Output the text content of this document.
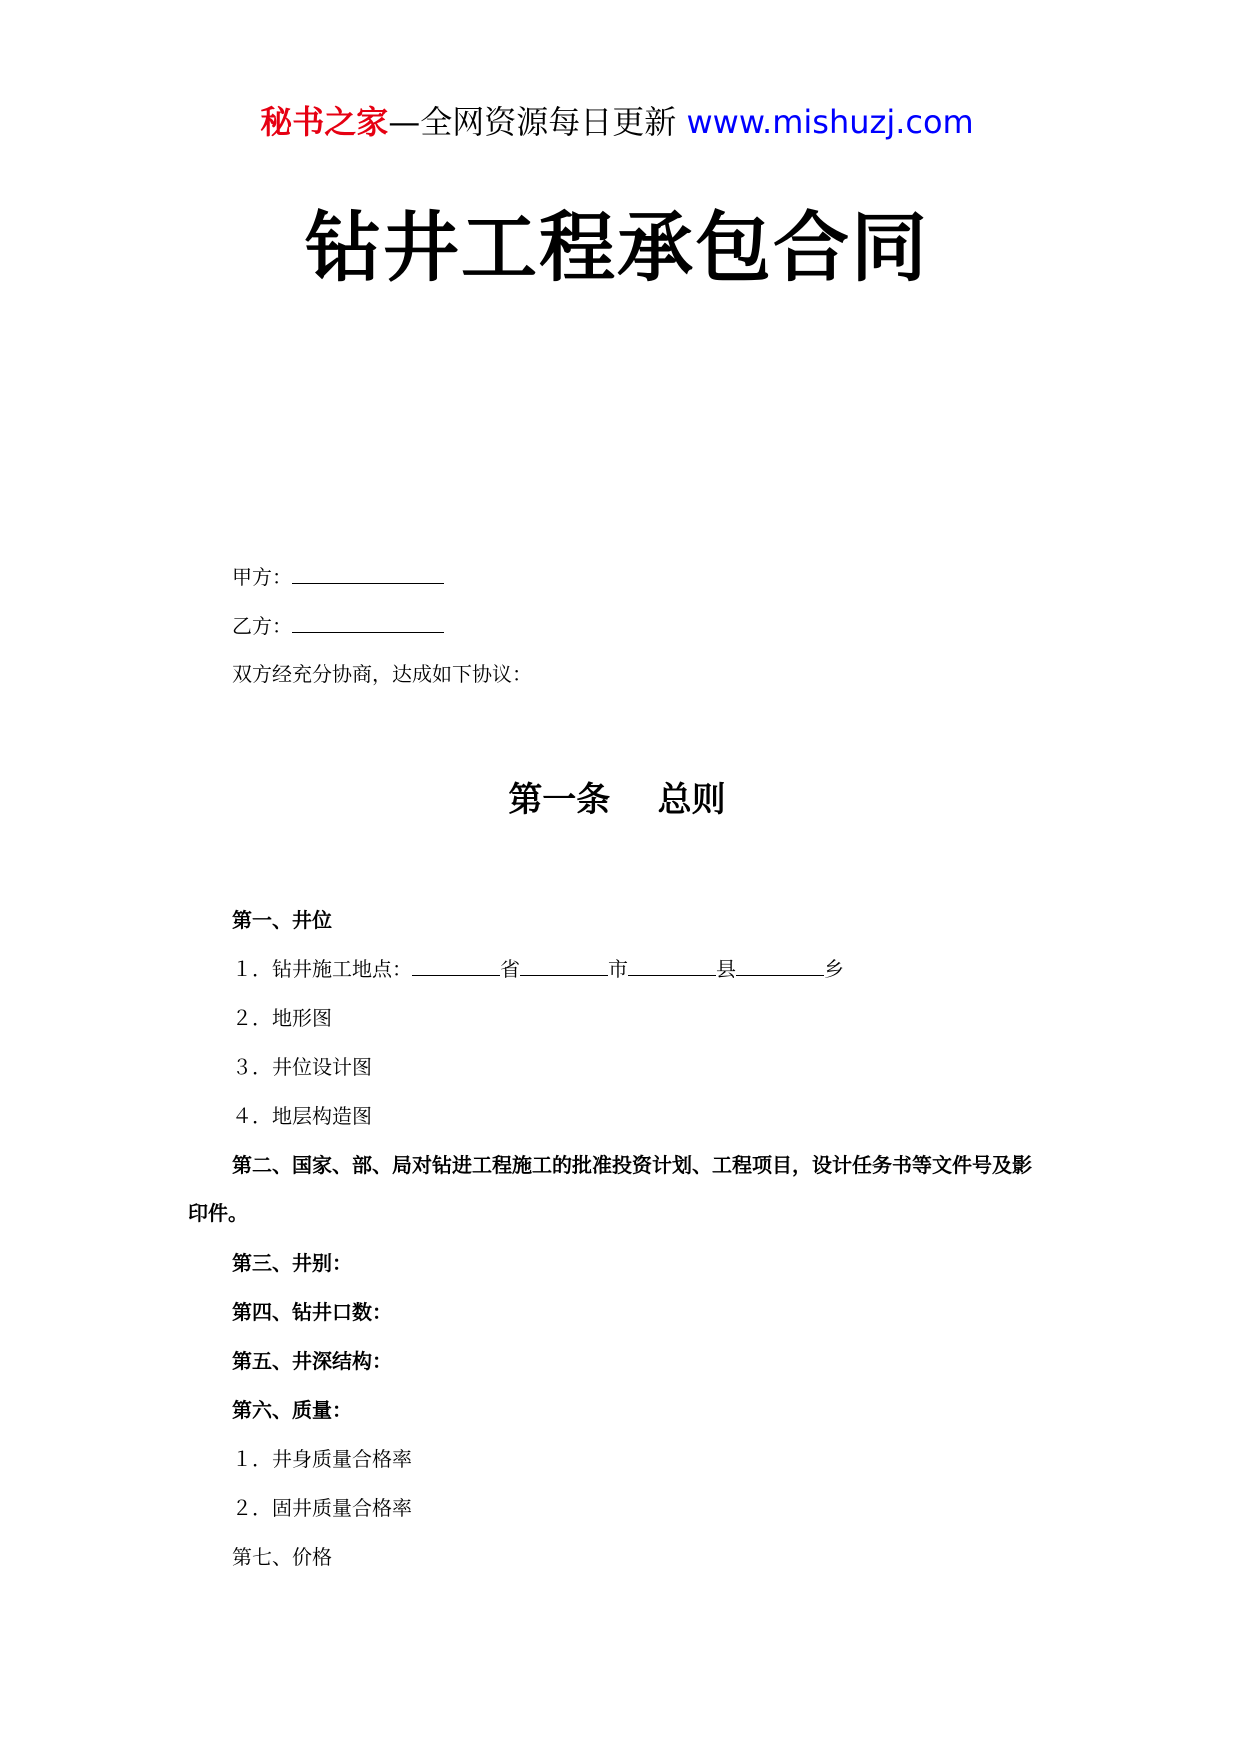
秘书之家—全网资源每日更新 www.mishuzj.com
钻井工程承包合同
甲方：
乙方：
双方经充分协商，达成如下协议：
第一条    总则
第一、井位
１．钻井施工地点：	省	市	县	乡
２．地形图
３．井位设计图
４．地层构造图
第二、国家、部、局对钻进工程施工的批准投资计划、工程项目，设计任务书等文件号及影印件。
第三、井别：
第四、钻井口数：
第五、井深结构：
第六、质量：
１．井身质量合格率
２．固井质量合格率
第七、价格
